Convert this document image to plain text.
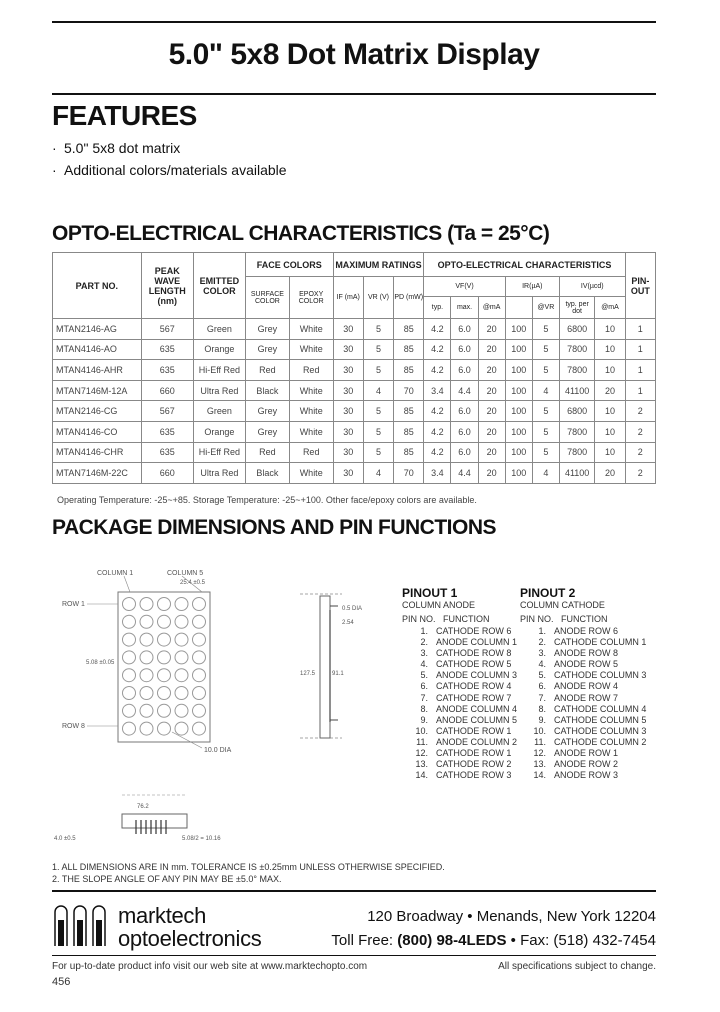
5.0" 5x8 Dot Matrix Display
FEATURES
· 5.0" 5x8 dot matrix
· Additional colors/materials available
OPTO-ELECTRICAL CHARACTERISTICS (Ta = 25°C)
PART NO.	PEAK WAVE LENGTH (nm)	EMITTED COLOR	FACE COLORS		MAXIMUM RATINGS			OPTO-ELECTRICAL CHARACTERISTICS							PIN-OUT
			SURFACE COLOR	EPOXY COLOR	IF (mA)	VR (V)	PD (mW)	VF(V)			IR(µA)		IV(µcd)		
								typ.	max.	@mA		@VR	typ. per dot	@mA	
MTAN2146-AG	567	Green	Grey	White	30	5	85	4.2	6.0	20	100	5	6800	10	1
MTAN4146-AO	635	Orange	Grey	White	30	5	85	4.2	6.0	20	100	5	7800	10	1
MTAN4146-AHR	635	Hi-Eff Red	Red	Red	30	5	85	4.2	6.0	20	100	5	7800	10	1
MTAN7146M-12A	660	Ultra Red	Black	White	30	4	70	3.4	4.4	20	100	4	41100	20	1
MTAN2146-CG	567	Green	Grey	White	30	5	85	4.2	6.0	20	100	5	6800	10	2
MTAN4146-CO	635	Orange	Grey	White	30	5	85	4.2	6.0	20	100	5	7800	10	2
MTAN4146-CHR	635	Hi-Eff Red	Red	Red	30	5	85	4.2	6.0	20	100	5	7800	10	2
MTAN7146M-22C	660	Ultra Red	Black	White	30	4	70	3.4	4.4	20	100	4	41100	20	2
Operating Temperature: -25~+85. Storage Temperature: -25~+100. Other face/epoxy colors are available.
PACKAGE DIMENSIONS AND PIN FUNCTIONS
COLUMN 1	COLUMN 5
25.4 ±0.5
ROW 1
ROW 8
5.08 ±0.05
10.0 DIA
0.5 DIA
127.5	91.1
2.54
76.2
4.0 ±0.5	5.08/2 = 10.16
PINOUT 1
COLUMN ANODE
PIN NO.   FUNCTION
1. CATHODE ROW 6
2. ANODE COLUMN 1
3. CATHODE ROW 8
4. CATHODE ROW 5
5. ANODE COLUMN 3
6. CATHODE ROW 4
7. CATHODE ROW 7
8. ANODE COLUMN 4
9. ANODE COLUMN 5
10. CATHODE ROW 1
11. ANODE COLUMN 2
12. CATHODE ROW 1
13. CATHODE ROW 2
14. CATHODE ROW 3
PINOUT 2
COLUMN CATHODE
PIN NO.   FUNCTION
1. ANODE ROW 6
2. CATHODE COLUMN 1
3. ANODE ROW 8
4. ANODE ROW 5
5. CATHODE COLUMN 3
6. ANODE ROW 4
7. ANODE ROW 7
8. CATHODE COLUMN 4
9. CATHODE COLUMN 5
10. CATHODE COLUMN 3
11. CATHODE COLUMN 2
12. ANODE ROW 1
13. ANODE ROW 2
14. ANODE ROW 3
1. ALL DIMENSIONS ARE IN mm. TOLERANCE IS ±0.25mm UNLESS OTHERWISE SPECIFIED.
2. THE SLOPE ANGLE OF ANY PIN MAY BE ±5.0° MAX.
marktech
optoelectronics
120 Broadway • Menands, New York 12204
Toll Free: (800) 98-4LEDS • Fax: (518) 432-7454
For up-to-date product info visit our web site at www.marktechopto.com	All specifications subject to change.
456
